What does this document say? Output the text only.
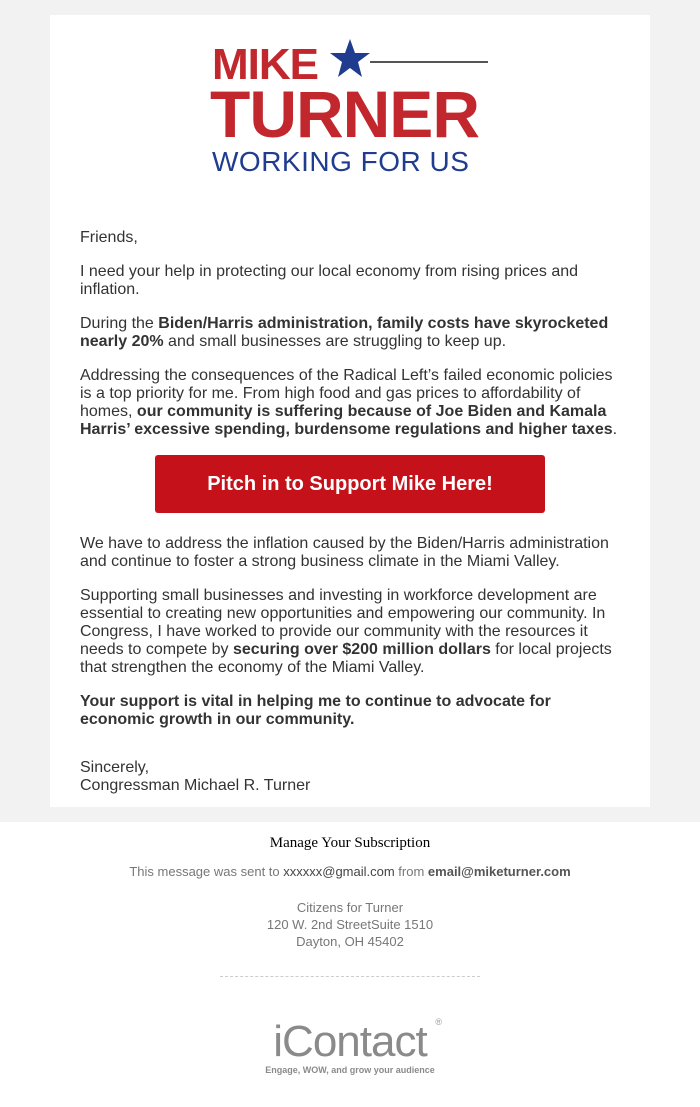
MIKE
TURNER
WORKING FOR US

Friends,

I need your help in protecting our local economy from rising prices and inflation.

During the Biden/Harris administration, family costs have skyrocketed nearly 20% and small businesses are struggling to keep up.

Addressing the consequences of the Radical Left’s failed economic policies is a top priority for me. From high food and gas prices to affordability of homes, our community is suffering because of Joe Biden and Kamala Harris’ excessive spending, burdensome regulations and higher taxes.

Pitch in to Support Mike Here!

We have to address the inflation caused by the Biden/Harris administration and continue to foster a strong business climate in the Miami Valley.

Supporting small businesses and investing in workforce development are essential to creating new opportunities and empowering our community. In Congress, I have worked to provide our community with the resources it needs to compete by securing over $200 million dollars for local projects that strengthen the economy of the Miami Valley.

Your support is vital in helping me to continue to advocate for economic growth in our community.

Sincerely,
Congressman Michael R. Turner
Manage Your Subscription
This message was sent to xxxxxx@gmail.com from email@miketurner.com
Citizens for Turner
120 W. 2nd StreetSuite 1510
Dayton, OH 45402
®
iContact
Engage, WOW, and grow your audience
